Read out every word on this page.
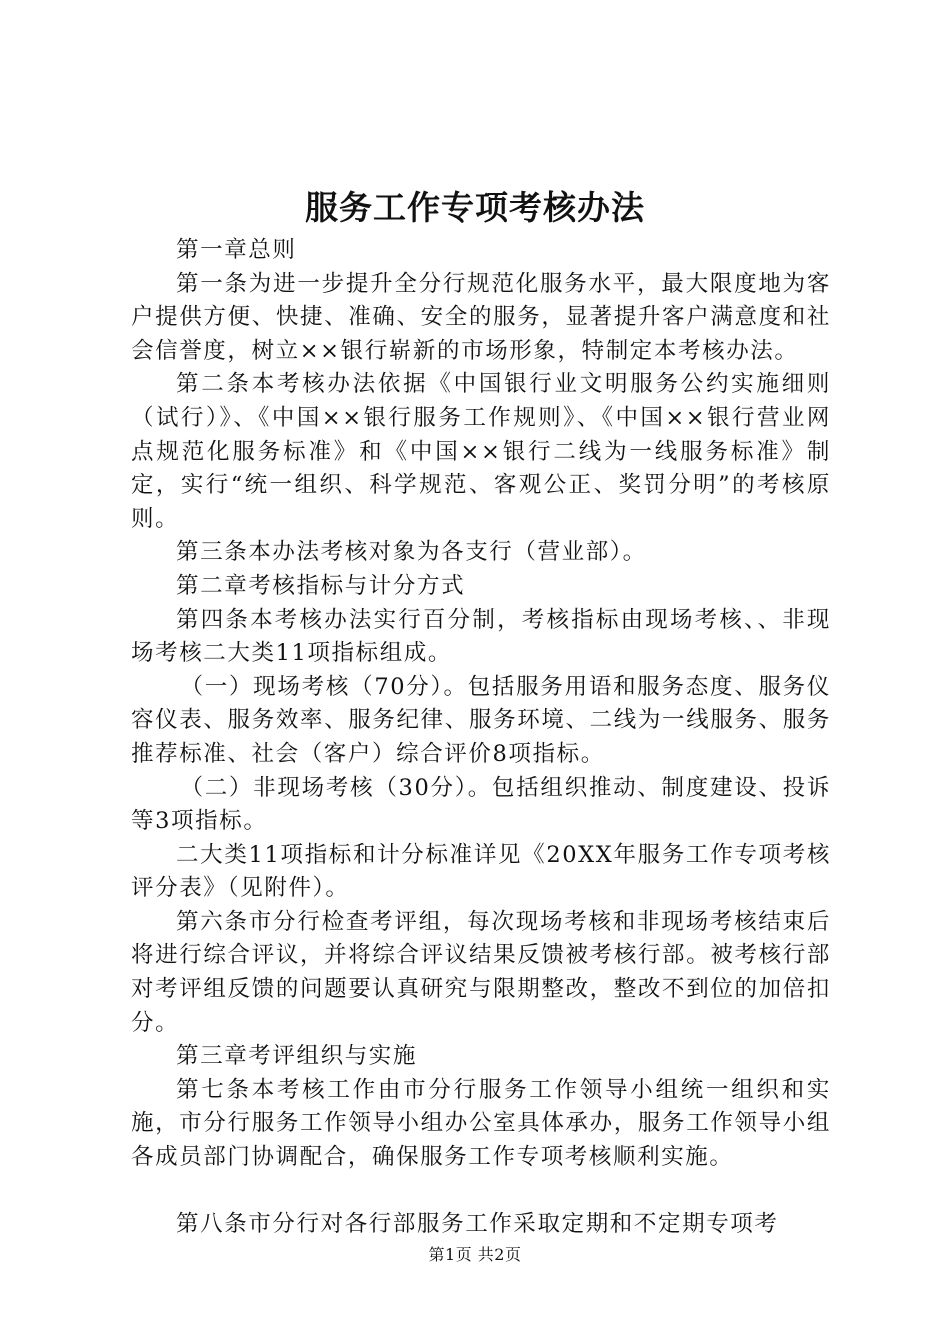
服务工作专项考核办法

第一章总则

第一条为进一步提升全分行规范化服务水平，最大限度地为客户提供方便、快捷、准确、安全的服务，显著提升客户满意度和社会信誉度，树立××银行崭新的市场形象，特制定本考核办法。

第二条本考核办法依据《中国银行业文明服务公约实施细则（试行）》、《中国××银行服务工作规则》、《中国××银行营业网点规范化服务标准》和《中国××银行二线为一线服务标准》制定，实行“统一组织、科学规范、客观公正、奖罚分明”的考核原则。

第三条本办法考核对象为各支行（营业部）。

第二章考核指标与计分方式

第四条本考核办法实行百分制，考核指标由现场考核、、非现场考核二大类11项指标组成。

（一）现场考核（70分）。包括服务用语和服务态度、服务仪容仪表、服务效率、服务纪律、服务环境、二线为一线服务、服务推荐标准、社会（客户）综合评价8项指标。

（二）非现场考核（30分）。包括组织推动、制度建设、投诉等3项指标。

二大类11项指标和计分标准详见《20XX年服务工作专项考核评分表》（见附件）。

第六条市分行检查考评组，每次现场考核和非现场考核结束后将进行综合评议，并将综合评议结果反馈被考核行部。被考核行部对考评组反馈的问题要认真研究与限期整改，整改不到位的加倍扣分。

第三章考评组织与实施

第七条本考核工作由市分行服务工作领导小组统一组织和实施，市分行服务工作领导小组办公室具体承办，服务工作领导小组各成员部门协调配合，确保服务工作专项考核顺利实施。

第八条市分行对各行部服务工作采取定期和不定期专项考

第1页 共2页
